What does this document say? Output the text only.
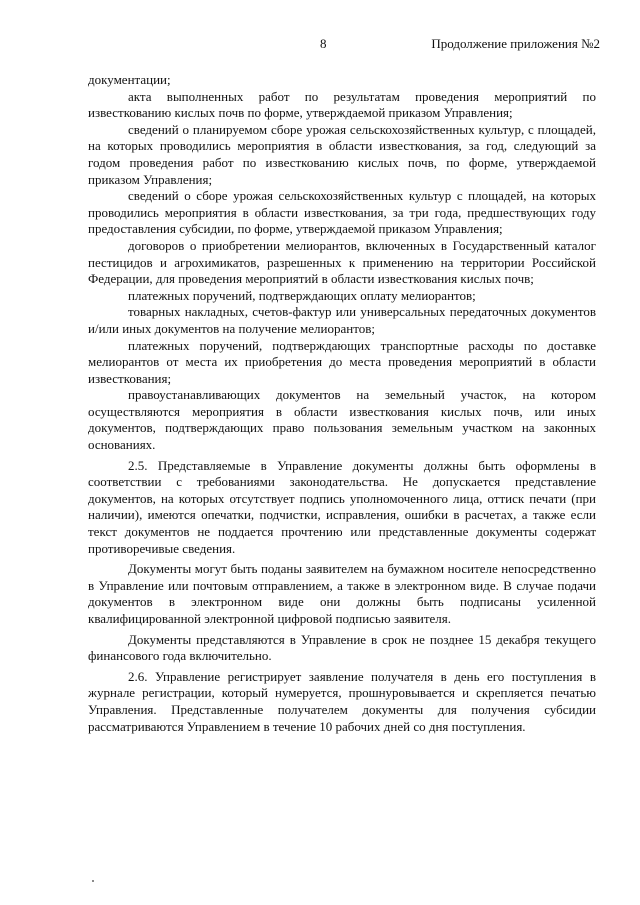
8	Продолжение приложения №2

документации;

акта выполненных работ по результатам проведения мероприятий по известкованию кислых почв по форме, утверждаемой приказом Управления;

сведений о планируемом сборе урожая сельскохозяйственных культур, с площадей, на которых проводились мероприятия в области известкования, за год, следующий за годом проведения работ по известкованию кислых почв, по форме, утверждаемой приказом Управления;

сведений о сборе урожая сельскохозяйственных культур с площадей, на которых проводились мероприятия в области известкования, за три года, предшествующих году предоставления субсидии, по форме, утверждаемой приказом Управления;

договоров о приобретении мелиорантов, включенных в Государственный каталог пестицидов и агрохимикатов, разрешенных к применению на территории Российской Федерации, для проведения мероприятий в области известкования кислых почв;

платежных поручений, подтверждающих оплату мелиорантов;

товарных накладных, счетов-фактур или универсальных передаточных документов и/или иных документов на получение мелиорантов;

платежных поручений, подтверждающих транспортные расходы по доставке мелиорантов от места их приобретения до места проведения мероприятий в области известкования;

правоустанавливающих документов на земельный участок, на котором осуществляются мероприятия в области известкования кислых почв, или иных документов, подтверждающих право пользования земельным участком на законных основаниях.

2.5. Представляемые в Управление документы должны быть оформлены в соответствии с требованиями законодательства. Не допускается представление документов, на которых отсутствует подпись уполномоченного лица, оттиск печати (при наличии), имеются опечатки, подчистки, исправления, ошибки в расчетах, а также если текст документов не поддается прочтению или представленные документы содержат противоречивые сведения.

Документы могут быть поданы заявителем на бумажном носителе непосредственно в Управление или почтовым отправлением, а также в электронном виде. В случае подачи документов в электронном виде они должны быть подписаны усиленной квалифицированной электронной цифровой подписью заявителя.

Документы представляются в Управление в срок не позднее 15 декабря текущего финансового года включительно.

2.6. Управление регистрирует заявление получателя в день его поступления в журнале регистрации, который нумеруется, прошнуровывается и скрепляется печатью Управления. Представленные получателем документы для получения субсидии рассматриваются Управлением в течение 10 рабочих дней со дня поступления.
